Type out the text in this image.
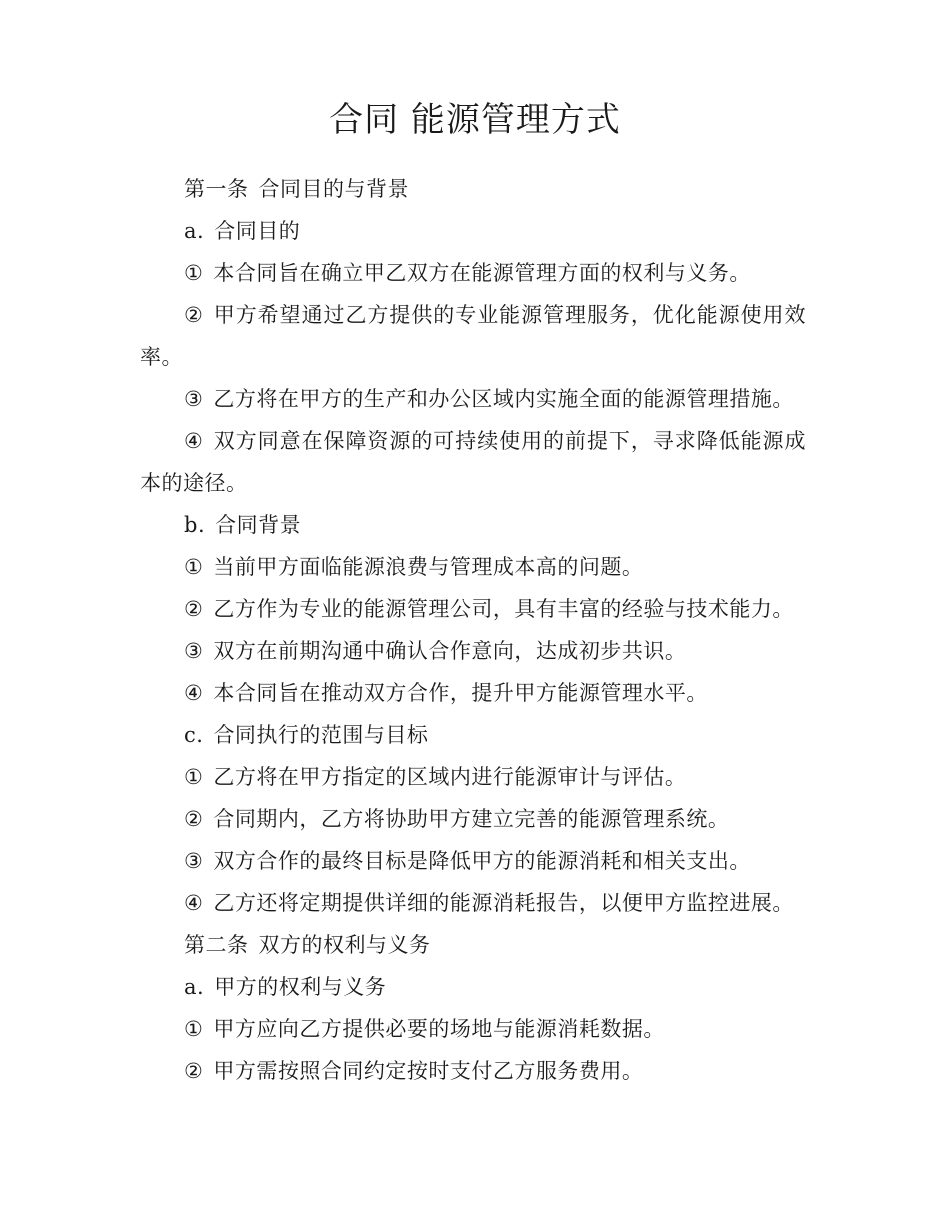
合同 能源管理方式

第一条 合同目的与背景

a. 合同目的

① 本合同旨在确立甲乙双方在能源管理方面的权利与义务。

② 甲方希望通过乙方提供的专业能源管理服务，优化能源使用效率。

③ 乙方将在甲方的生产和办公区域内实施全面的能源管理措施。

④ 双方同意在保障资源的可持续使用的前提下，寻求降低能源成本的途径。

b. 合同背景

① 当前甲方面临能源浪费与管理成本高的问题。

② 乙方作为专业的能源管理公司，具有丰富的经验与技术能力。

③ 双方在前期沟通中确认合作意向，达成初步共识。

④ 本合同旨在推动双方合作，提升甲方能源管理水平。

c. 合同执行的范围与目标

① 乙方将在甲方指定的区域内进行能源审计与评估。

② 合同期内，乙方将协助甲方建立完善的能源管理系统。

③ 双方合作的最终目标是降低甲方的能源消耗和相关支出。

④ 乙方还将定期提供详细的能源消耗报告，以便甲方监控进展。

第二条 双方的权利与义务

a. 甲方的权利与义务

① 甲方应向乙方提供必要的场地与能源消耗数据。

② 甲方需按照合同约定按时支付乙方服务费用。
